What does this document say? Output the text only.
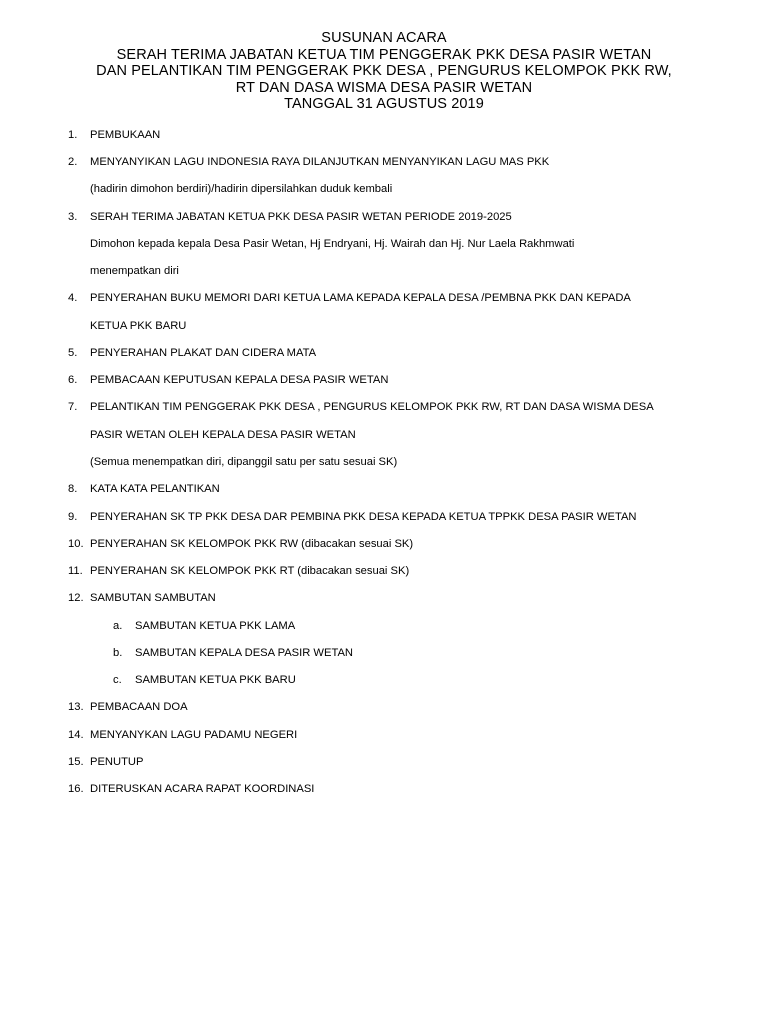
SUSUNAN ACARA
SERAH TERIMA JABATAN KETUA TIM PENGGERAK PKK DESA PASIR WETAN
DAN PELANTIKAN TIM PENGGERAK PKK DESA , PENGURUS KELOMPOK PKK RW,
RT DAN DASA WISMA DESA PASIR WETAN
TANGGAL 31 AGUSTUS 2019
1. PEMBUKAAN
2. MENYANYIKAN LAGU INDONESIA RAYA DILANJUTKAN MENYANYIKAN LAGU MAS PKK
(hadirin dimohon berdiri)/hadirin dipersilahkan duduk kembali
3. SERAH TERIMA JABATAN KETUA PKK DESA PASIR WETAN PERIODE 2019-2025
Dimohon kepada kepala Desa Pasir Wetan, Hj Endryani, Hj. Wairah dan Hj. Nur Laela Rakhmwati
menempatkan diri
4. PENYERAHAN BUKU MEMORI DARI KETUA LAMA KEPADA KEPALA DESA /PEMBNA PKK DAN KEPADA
KETUA PKK BARU
5. PENYERAHAN PLAKAT DAN CIDERA MATA
6. PEMBACAAN KEPUTUSAN KEPALA DESA PASIR WETAN
7. PELANTIKAN TIM PENGGERAK PKK DESA , PENGURUS KELOMPOK PKK RW, RT DAN DASA WISMA DESA
PASIR WETAN OLEH KEPALA DESA PASIR WETAN
(Semua menempatkan diri, dipanggil satu per satu sesuai SK)
8. KATA KATA PELANTIKAN
9. PENYERAHAN SK TP PKK DESA DAR PEMBINA PKK DESA KEPADA KETUA TPPKK DESA PASIR WETAN
10. PENYERAHAN SK KELOMPOK PKK RW (dibacakan sesuai SK)
11. PENYERAHAN SK KELOMPOK PKK RT (dibacakan sesuai SK)
12. SAMBUTAN SAMBUTAN
a. SAMBUTAN KETUA PKK LAMA
b. SAMBUTAN KEPALA DESA PASIR WETAN
c. SAMBUTAN KETUA PKK BARU
13. PEMBACAAN DOA
14. MENYANYKAN LAGU PADAMU NEGERI
15. PENUTUP
16. DITERUSKAN ACARA RAPAT KOORDINASI
